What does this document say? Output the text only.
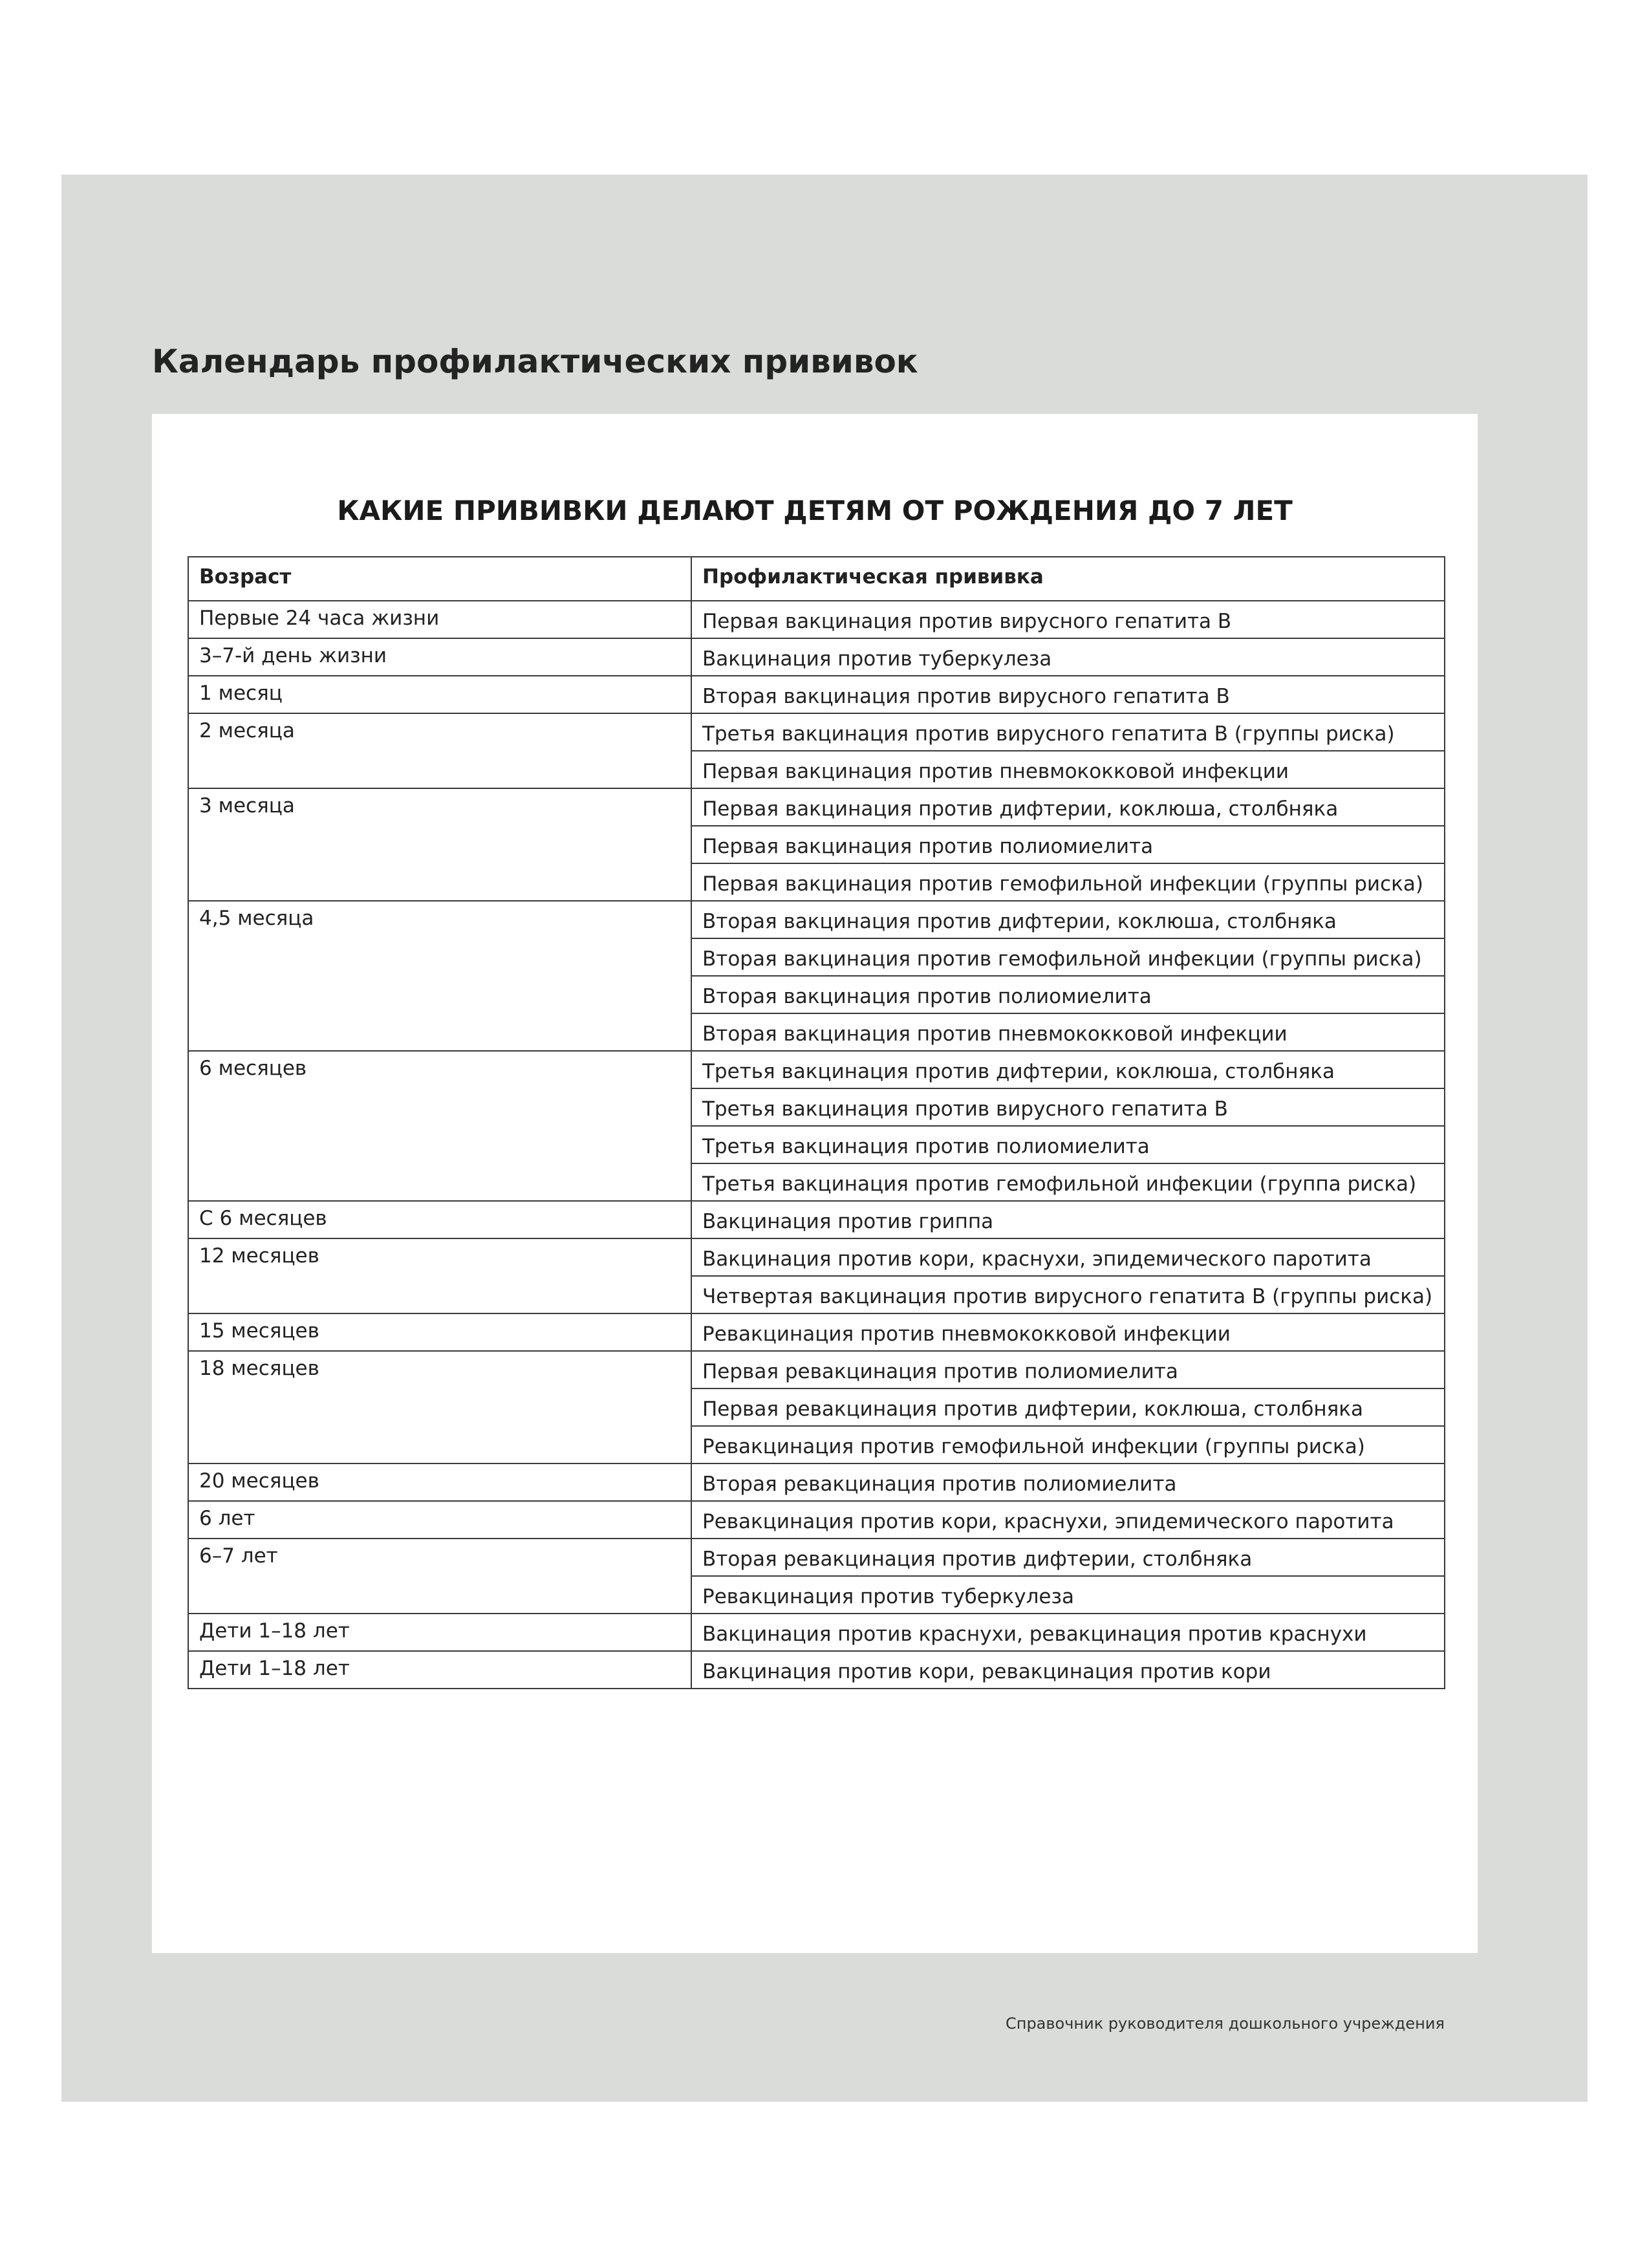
Календарь профилактических прививок
КАКИЕ ПРИВИВКИ ДЕЛАЮТ ДЕТЯМ ОТ РОЖДЕНИЯ ДО 7 ЛЕТ
Возраст	Профилактическая прививка
Первые 24 часа жизни	Первая вакцинация против вирусного гепатита В
3–7-й день жизни	Вакцинация против туберкулеза
1 месяц	Вторая вакцинация против вирусного гепатита В
2 месяца	Третья вакцинация против вирусного гепатита В (группы риска)
	Первая вакцинация против пневмококковой инфекции
3 месяца	Первая вакцинация против дифтерии, коклюша, столбняка
	Первая вакцинация против полиомиелита
	Первая вакцинация против гемофильной инфекции (группы риска)
4,5 месяца	Вторая вакцинация против дифтерии, коклюша, столбняка
	Вторая вакцинация против гемофильной инфекции (группы риска)
	Вторая вакцинация против полиомиелита
	Вторая вакцинация против пневмококковой инфекции
6 месяцев	Третья вакцинация против дифтерии, коклюша, столбняка
	Третья вакцинация против вирусного гепатита В
	Третья вакцинация против полиомиелита
	Третья вакцинация против гемофильной инфекции (группа риска)
С 6 месяцев	Вакцинация против гриппа
12 месяцев	Вакцинация против кори, краснухи, эпидемического паротита
	Четвертая вакцинация против вирусного гепатита В (группы риска)
15 месяцев	Ревакцинация против пневмококковой инфекции
18 месяцев	Первая ревакцинация против полиомиелита
	Первая ревакцинация против дифтерии, коклюша, столбняка
	Ревакцинация против гемофильной инфекции (группы риска)
20 месяцев	Вторая ревакцинация против полиомиелита
6 лет	Ревакцинация против кори, краснухи, эпидемического паротита
6–7 лет	Вторая ревакцинация против дифтерии, столбняка
	Ревакцинация против туберкулеза
Дети 1–18 лет	Вакцинация против краснухи, ревакцинация против краснухи
Дети 1–18 лет	Вакцинация против кори, ревакцинация против кори
Справочник руководителя дошкольного учреждения
